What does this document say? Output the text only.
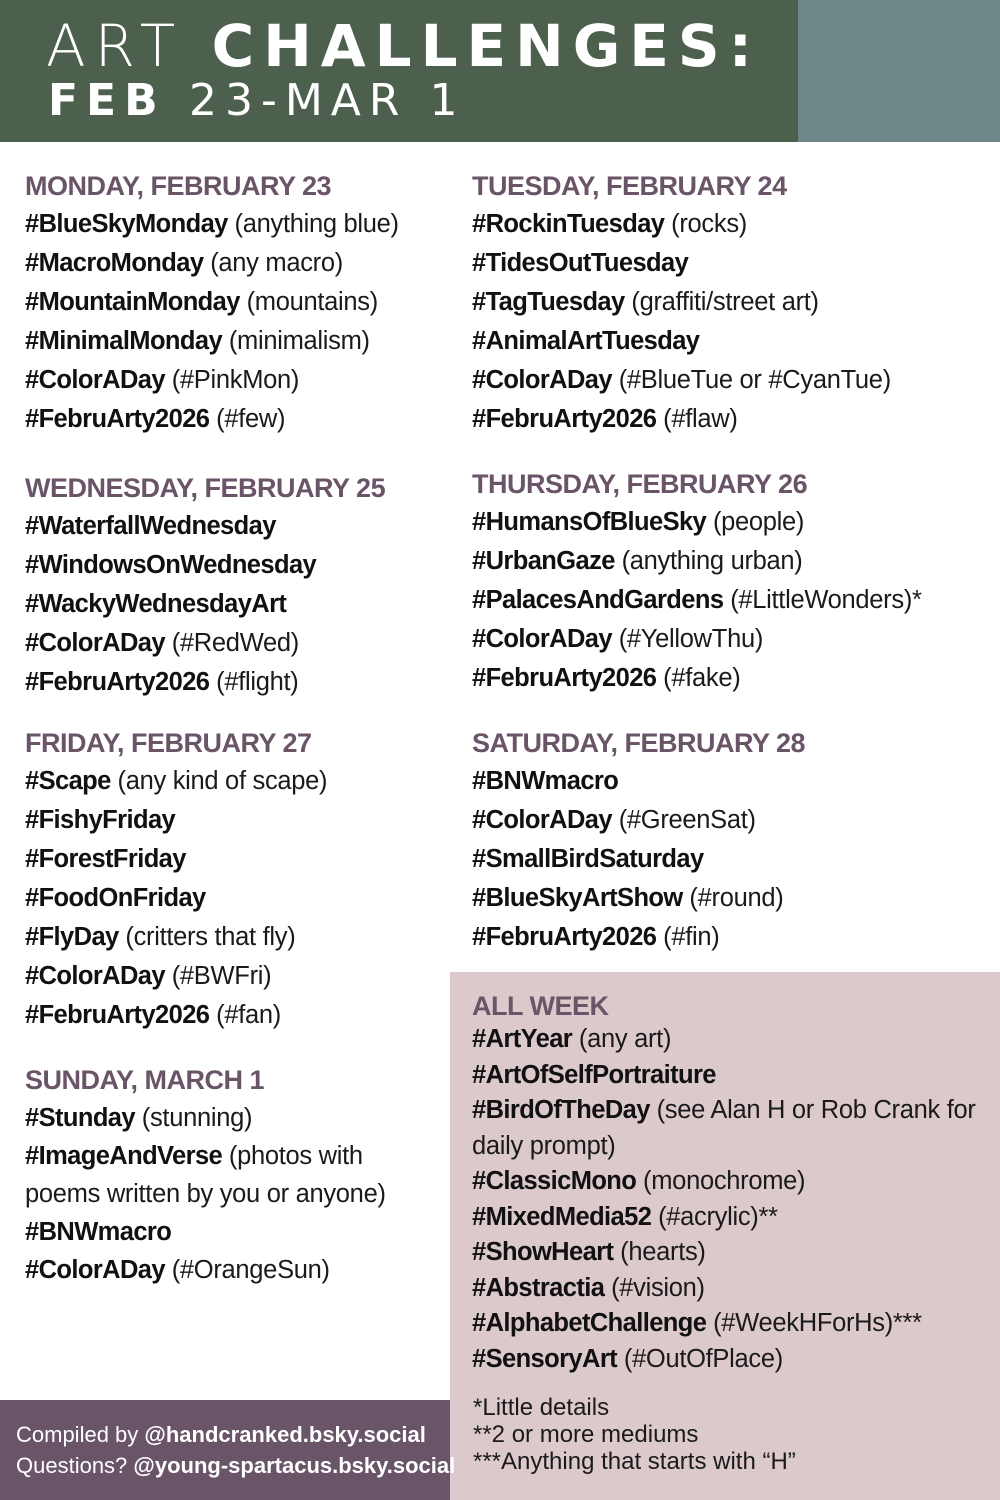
ART CHALLENGES:
FEB 23-MAR 1
MONDAY, FEBRUARY 23
#BlueSkyMonday (anything blue)
#MacroMonday (any macro)
#MountainMonday (mountains)
#MinimalMonday (minimalism)
#ColorADay (#PinkMon)
#FebruArty2026 (#few)
TUESDAY, FEBRUARY 24
#RockinTuesday (rocks)
#TidesOutTuesday
#TagTuesday (graffiti/street art)
#AnimalArtTuesday
#ColorADay (#BlueTue or #CyanTue)
#FebruArty2026 (#flaw)
WEDNESDAY, FEBRUARY 25
#WaterfallWednesday
#WindowsOnWednesday
#WackyWednesdayArt
#ColorADay (#RedWed)
#FebruArty2026 (#flight)
THURSDAY, FEBRUARY 26
#HumansOfBlueSky (people)
#UrbanGaze (anything urban)
#PalacesAndGardens (#LittleWonders)*
#ColorADay (#YellowThu)
#FebruArty2026 (#fake)
FRIDAY, FEBRUARY 27
#Scape (any kind of scape)
#FishyFriday
#ForestFriday
#FoodOnFriday
#FlyDay (critters that fly)
#ColorADay (#BWFri)
#FebruArty2026 (#fan)
SATURDAY, FEBRUARY 28
#BNWmacro
#ColorADay (#GreenSat)
#SmallBirdSaturday
#BlueSkyArtShow (#round)
#FebruArty2026 (#fin)
SUNDAY, MARCH 1
#Stunday (stunning)
#ImageAndVerse (photos with poems written by you or anyone)
#BNWmacro
#ColorADay (#OrangeSun)
ALL WEEK
#ArtYear (any art)
#ArtOfSelfPortraiture
#BirdOfTheDay (see Alan H or Rob Crank for daily prompt)
#ClassicMono (monochrome)
#MixedMedia52 (#acrylic)**
#ShowHeart (hearts)
#Abstractia (#vision)
#AlphabetChallenge (#WeekHForHs)***
#SensoryArt (#OutOfPlace)
*Little details
**2 or more mediums
***Anything that starts with “H”
Compiled by @handcranked.bsky.social
Questions? @young-spartacus.bsky.social
